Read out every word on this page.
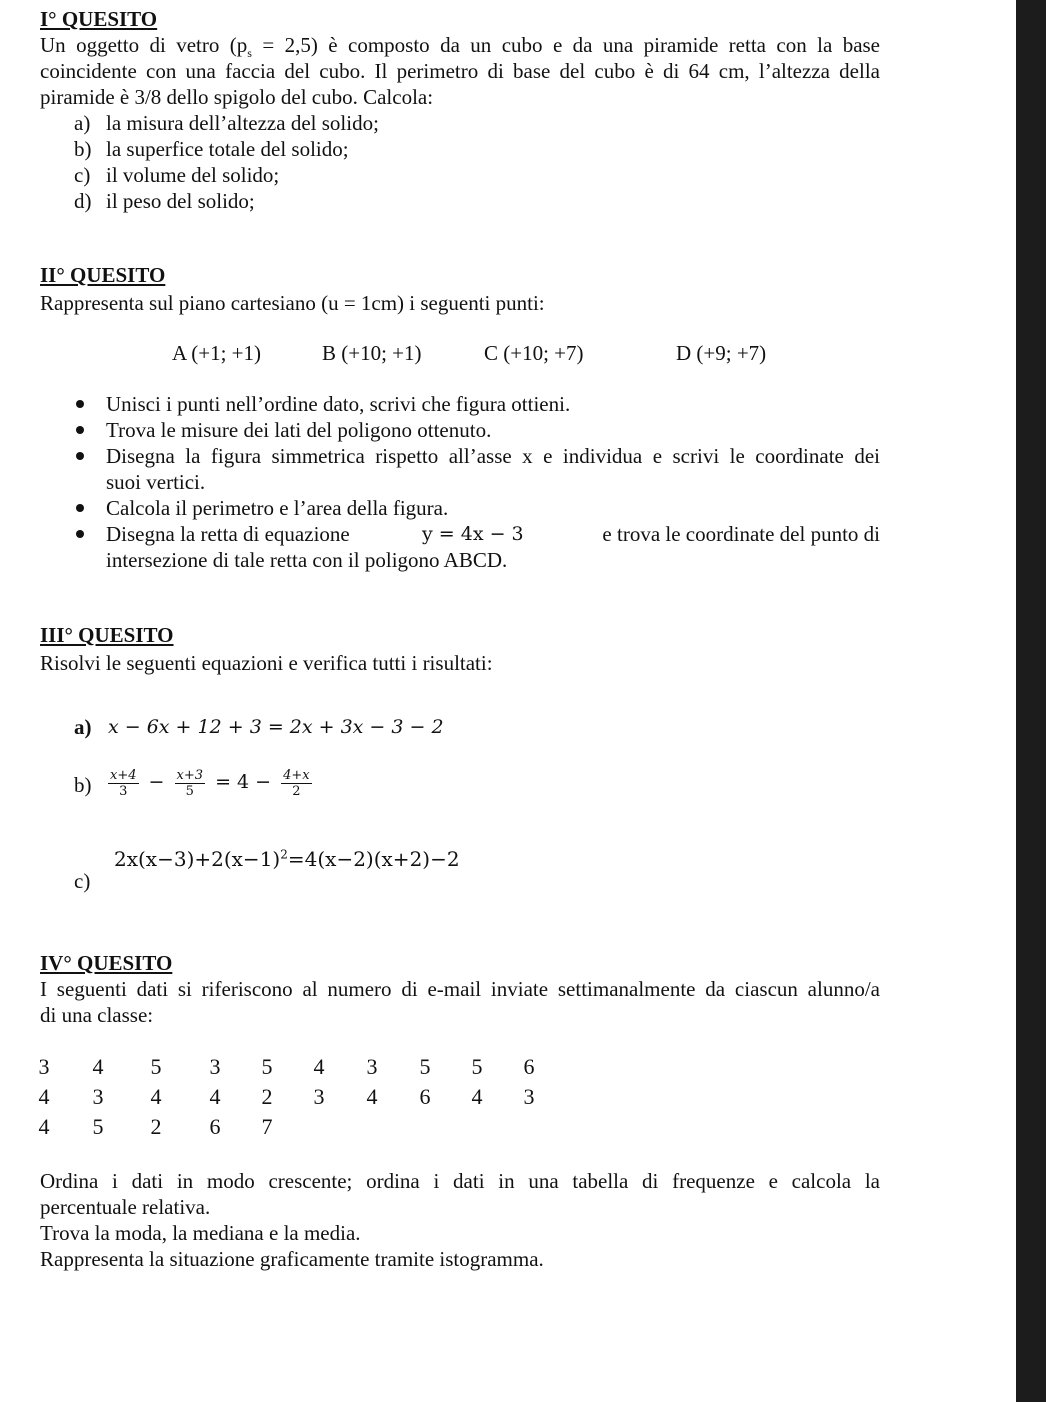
I° QUESITO
Un oggetto di vetro $(p_s = 2,5)$ è composto da un cubo e da una piramide retta con la base
coincidente con una faccia del cubo. Il perimetro di base del cubo è di 64 cm, l’altezza della
piramide è 3/8 dello spigolo del cubo. Calcola:
a) la misura dell’altezza del solido;
b) la superfice totale del solido;
c) il volume del solido;
d) il peso del solido;
II° QUESITO
Rappresenta sul piano cartesiano (u = 1cm) i seguenti punti:
A (+1; +1)	B (+10; +1)	C (+10; +7)	D (+9; +7)
Unisci i punti nell’ordine dato, scrivi che figura ottieni.
Trova le misure dei lati del poligono ottenuto.
Disegna la figura simmetrica rispetto all’asse x e individua e scrivi le coordinate dei
suoi vertici.
Calcola il perimetro e l’area della figura.
Disegna la retta di equazione	y = 4x − 3	e trova le coordinate del punto di
intersezione di tale retta con il poligono ABCD.
III° QUESITO
Risolvi le seguenti equazioni e verifica tutti i risultati:
a) x − 6x + 12 + 3 = 2x + 3x − 3 − 2
$b) \frac{x+4}{3} - \frac{x+3}{5} = 4 - \frac{4+x}{2}$
c)
$2x(x-3)+2(x-1)^2=4(x-2)(x+2)-2$
IV° QUESITO
I seguenti dati si riferiscono al numero di e-mail inviate settimanalmente da ciascun alunno/a
di una classe:
3 4 5 3 5 4 3 5 5 6
4 3 4 4 2 3 4 6 4 3
4 5 2 6 7
Ordina i dati in modo crescente; ordina i dati in una tabella di frequenze e calcola la
percentuale relativa.
Trova la moda, la mediana e la media.
Rappresenta la situazione graficamente tramite istogramma.
